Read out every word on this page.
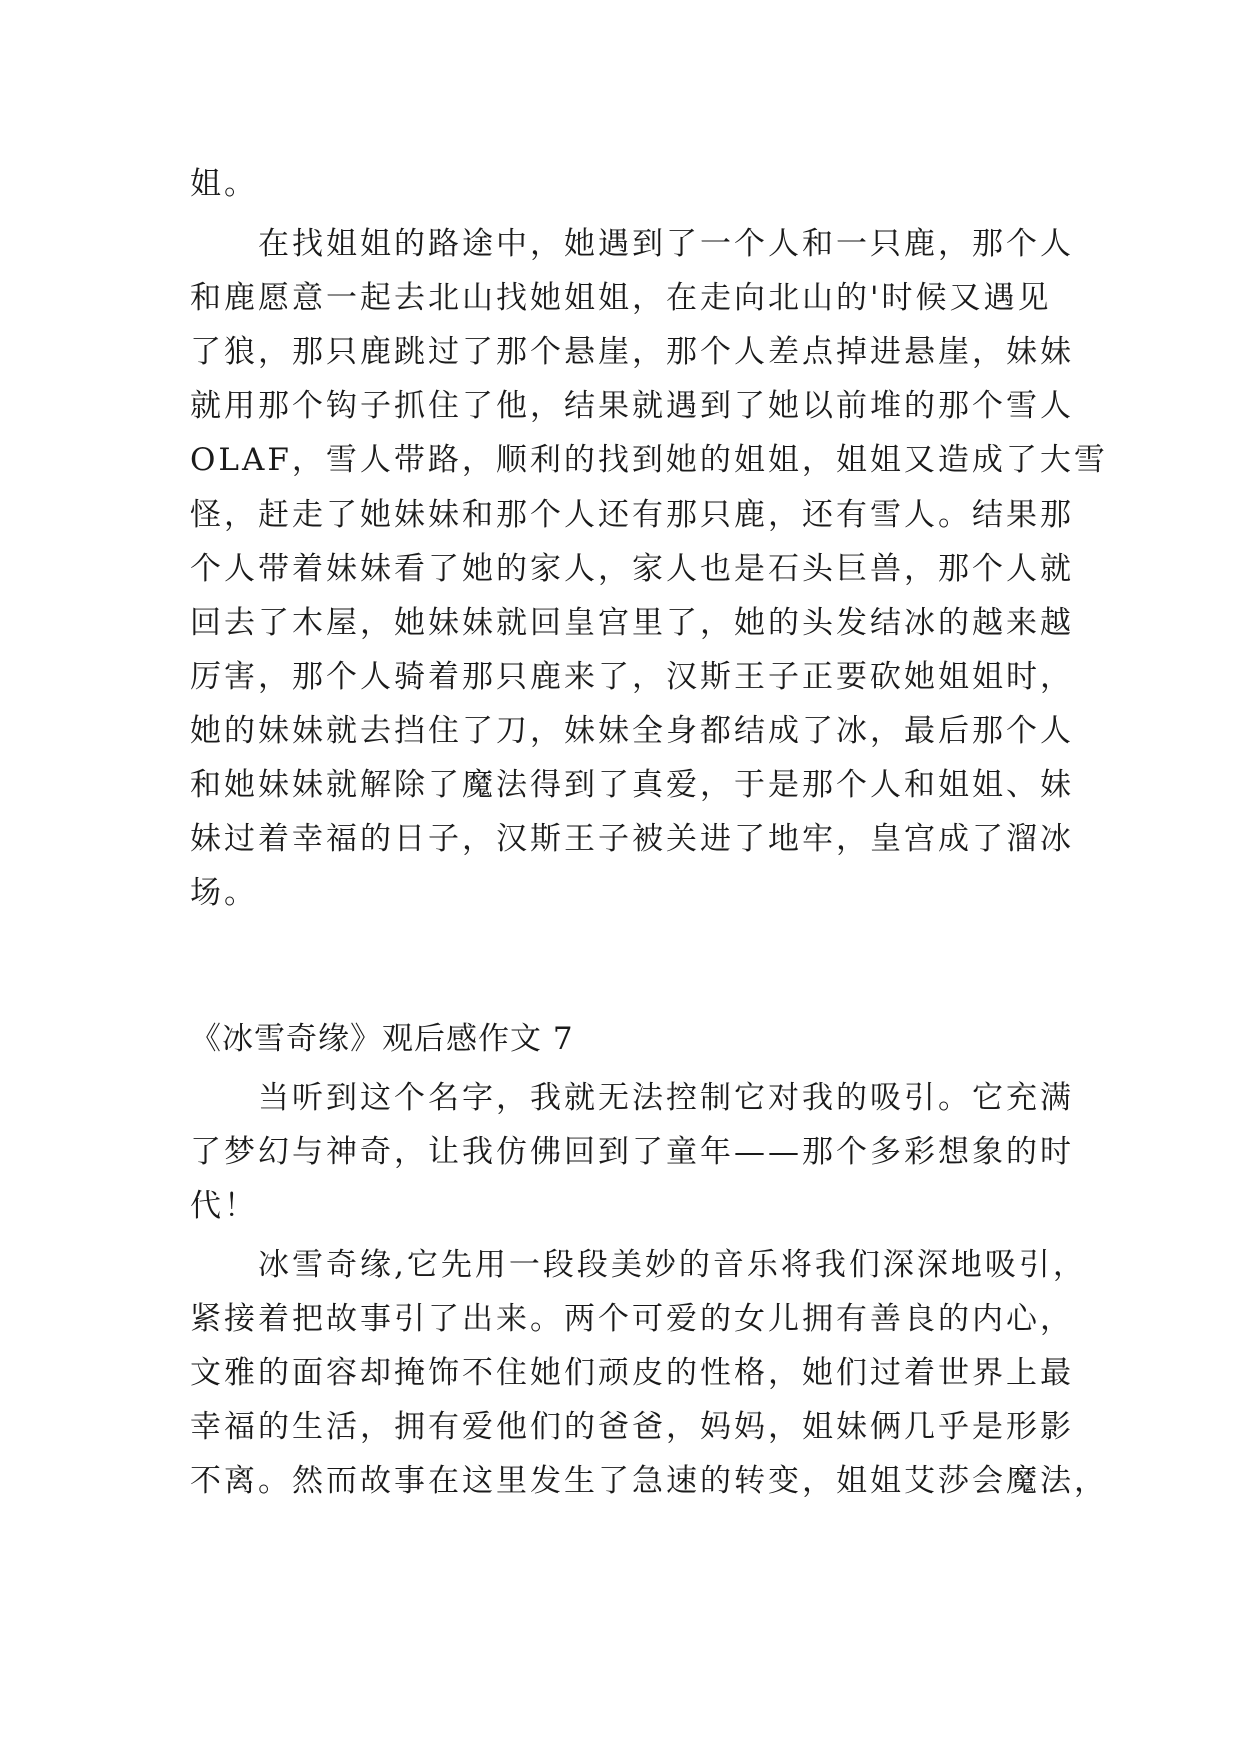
姐。
在找姐姐的路途中，她遇到了一个人和一只鹿，那个人
和鹿愿意一起去北山找她姐姐，在走向北山的'时候又遇见
了狼，那只鹿跳过了那个悬崖，那个人差点掉进悬崖，妹妹
就用那个钩子抓住了他，结果就遇到了她以前堆的那个雪人
OLAF，雪人带路，顺利的找到她的姐姐，姐姐又造成了大雪
怪，赶走了她妹妹和那个人还有那只鹿，还有雪人。结果那
个人带着妹妹看了她的家人，家人也是石头巨兽，那个人就
回去了木屋，她妹妹就回皇宫里了，她的头发结冰的越来越
厉害，那个人骑着那只鹿来了，汉斯王子正要砍她姐姐时，
她的妹妹就去挡住了刀，妹妹全身都结成了冰，最后那个人
和她妹妹就解除了魔法得到了真爱，于是那个人和姐姐、妹
妹过着幸福的日子，汉斯王子被关进了地牢，皇宫成了溜冰
场。
《冰雪奇缘》观后感作文 7
当听到这个名字，我就无法控制它对我的吸引。它充满
了梦幻与神奇，让我仿佛回到了童年——那个多彩想象的时
代！
冰雪奇缘,它先用一段段美妙的音乐将我们深深地吸引，
紧接着把故事引了出来。两个可爱的女儿拥有善良的内心，
文雅的面容却掩饰不住她们顽皮的性格，她们过着世界上最
幸福的生活，拥有爱他们的爸爸，妈妈，姐妹俩几乎是形影
不离。然而故事在这里发生了急速的转变，姐姐艾莎会魔法，
